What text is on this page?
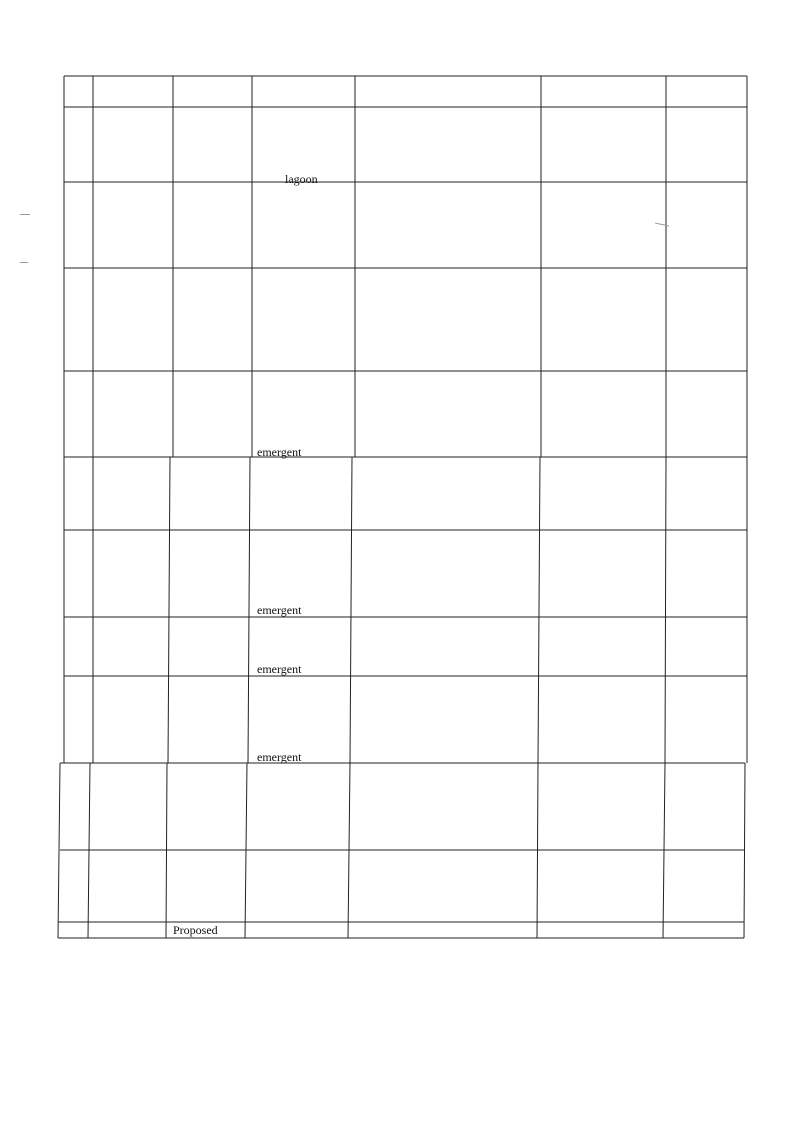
lagoon
emergent
emergent
emergent
emergent
Proposed
